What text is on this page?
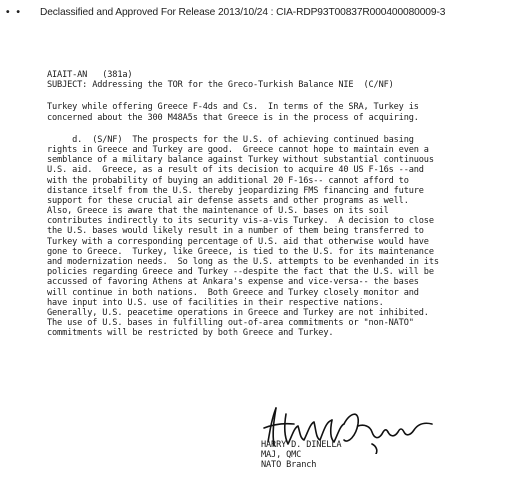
• • Declassified and Approved For Release 2013/10/24 : CIA-RDP93T00837R000400080009-3
AIAIT-AN   (381a)
SUBJECT: Addressing the TOR for the Greco-Turkish Balance NIE  (C/NF)
Turkey while offering Greece F-4ds and Cs.  In terms of the SRA, Turkey is
concerned about the 300 M48A5s that Greece is in the process of acquiring.
d.  (S/NF)  The prospects for the U.S. of achieving continued basing
rights in Greece and Turkey are good.  Greece cannot hope to maintain even a
semblance of a military balance against Turkey without substantial continuous
U.S. aid.  Greece, as a result of its decision to acquire 40 US F-16s --and
with the probability of buying an additional 20 F-16s-- cannot afford to
distance itself from the U.S. thereby jeopardizing FMS financing and future
support for these crucial air defense assets and other programs as well.
Also, Greece is aware that the maintenance of U.S. bases on its soil
contributes indirectly to its security vis-a-vis Turkey.  A decision to close
the U.S. bases would likely result in a number of them being transferred to
Turkey with a corresponding percentage of U.S. aid that otherwise would have
gone to Greece.  Turkey, like Greece, is tied to the U.S. for its maintenance
and modernization needs.  So long as the U.S. attempts to be evenhanded in its
policies regarding Greece and Turkey --despite the fact that the U.S. will be
accussed of favoring Athens at Ankara's expense and vice-versa-- the bases
will continue in both nations.  Both Greece and Turkey closely monitor and
have input into U.S. use of facilities in their respective nations.
Generally, U.S. peacetime operations in Greece and Turkey are not inhibited.
The use of U.S. bases in fulfilling out-of-area commitments or "non-NATO"
commitments will be restricted by both Greece and Turkey.
HARRY D. DINELLA
MAJ, QMC
NATO Branch
